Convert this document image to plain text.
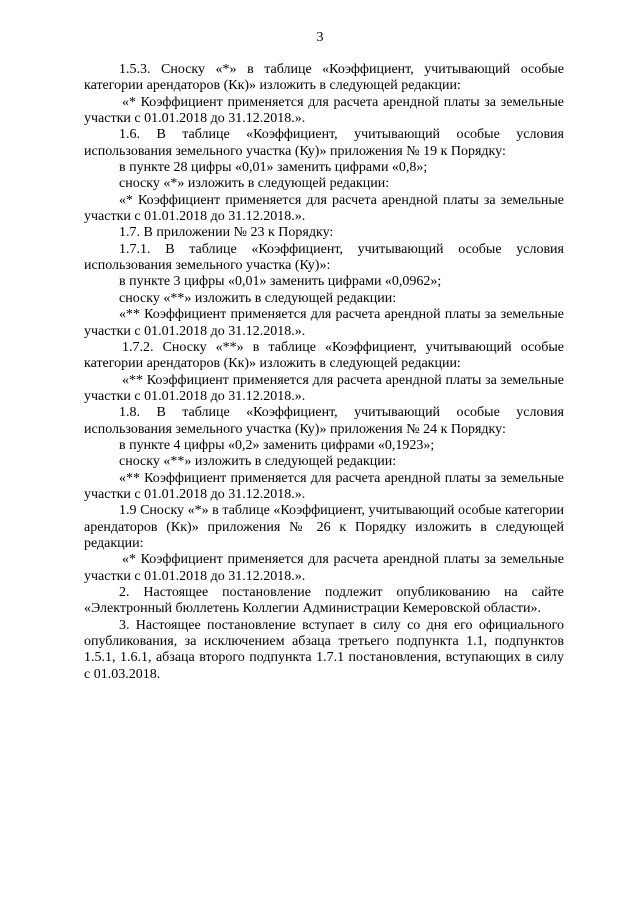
3

1.5.3. Сноску «*» в таблице «Коэффициент, учитывающий особые категории арендаторов (Кк)» изложить в следующей редакции:

«* Коэффициент применяется для расчета арендной платы за земельные участки с 01.01.2018 до 31.12.2018.».

1.6. В таблице «Коэффициент, учитывающий особые условия использования земельного участка (Ку)» приложения № 19 к Порядку:

в пункте 28 цифры «0,01» заменить цифрами «0,8»;

сноску «*» изложить в следующей редакции:

«* Коэффициент применяется для расчета арендной платы за земельные участки с 01.01.2018 до 31.12.2018.».

1.7. В приложении № 23 к Порядку:

1.7.1. В таблице «Коэффициент, учитывающий особые условия использования земельного участка (Ку)»:

в пункте 3 цифры «0,01» заменить цифрами «0,0962»;

сноску «**» изложить в следующей редакции:

«** Коэффициент применяется для расчета арендной платы за земельные участки с 01.01.2018 до 31.12.2018.».

1.7.2. Сноску «**» в таблице «Коэффициент, учитывающий особые категории арендаторов (Кк)» изложить в следующей редакции:

«** Коэффициент применяется для расчета арендной платы за земельные участки с 01.01.2018 до 31.12.2018.».

1.8. В таблице «Коэффициент, учитывающий особые условия использования земельного участка (Ку)» приложения № 24 к Порядку:

в пункте 4 цифры «0,2» заменить цифрами «0,1923»;

сноску «**» изложить в следующей редакции:

«** Коэффициент применяется для расчета арендной платы за земельные участки с 01.01.2018 до 31.12.2018.».

1.9 Сноску «*» в таблице «Коэффициент, учитывающий особые категории арендаторов (Кк)» приложения № 26 к Порядку изложить в следующей редакции:

«* Коэффициент применяется для расчета арендной платы за земельные участки с 01.01.2018 до 31.12.2018.».

2. Настоящее постановление подлежит опубликованию на сайте «Электронный бюллетень Коллегии Администрации Кемеровской области».

3. Настоящее постановление вступает в силу со дня его официального опубликования, за исключением абзаца третьего подпункта 1.1, подпунктов 1.5.1, 1.6.1, абзаца второго подпункта 1.7.1 постановления, вступающих в силу с 01.03.2018.
